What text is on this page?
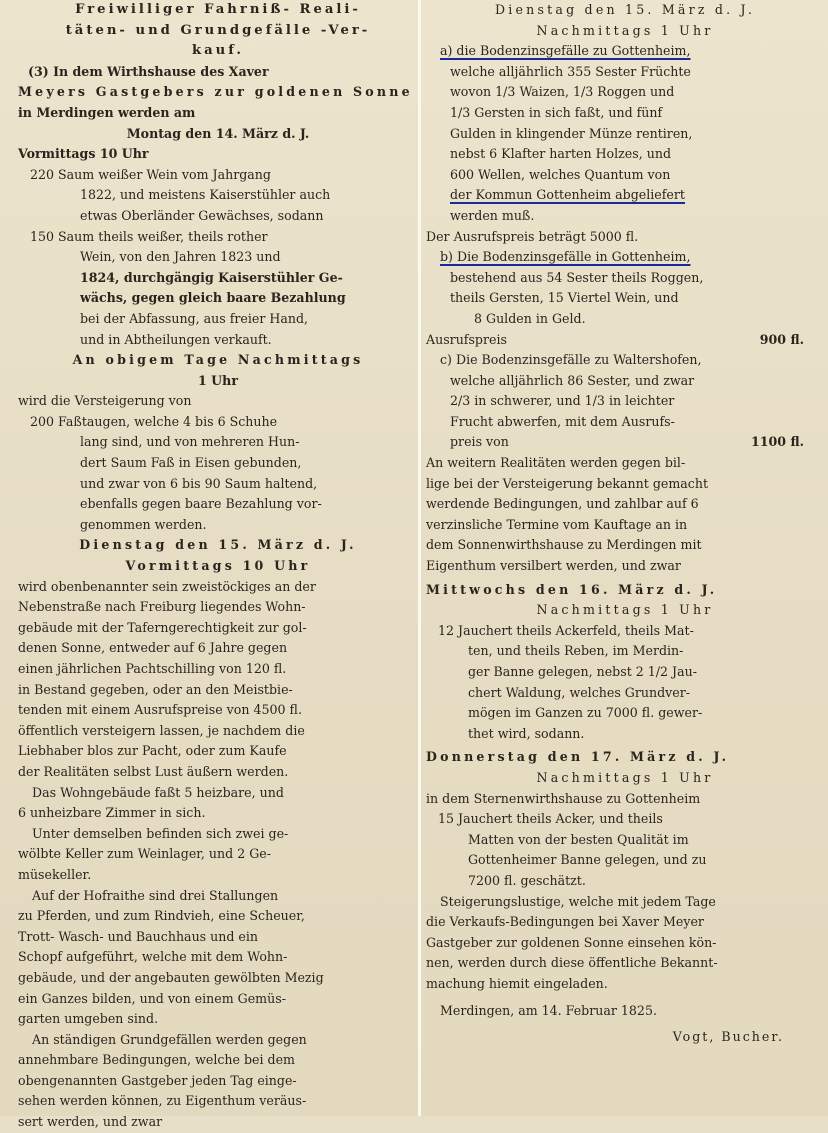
Freiwilliger Fahrniß- Reali-

täten- und Grundgefälle -Ver-

kauf.

(3) In dem Wirthshause des Xaver

Meyers Gastgebers zur goldenen Sonne

in Merdingen werden am

Montag den 14. März d. J.

Vormittags 10 Uhr

220 Saum weißer Wein vom Jahrgang

1822, und meistens Kaiserstühler auch

etwas Oberländer Gewächses, sodann

150 Saum theils weißer, theils rother

Wein, von den Jahren 1823 und

1824, durchgängig Kaiserstühler Ge-

wächs, gegen gleich baare Bezahlung

bei der Abfassung, aus freier Hand,

und in Abtheilungen verkauft.

An obigem Tage Nachmittags

1 Uhr

wird die Versteigerung von

200 Faßtaugen, welche 4 bis 6 Schuhe

lang sind, und von mehreren Hun-

dert Saum Faß in Eisen gebunden,

und zwar von 6 bis 90 Saum haltend,

ebenfalls gegen baare Bezahlung vor-

genommen werden.

Dienstag den 15. März d. J.

Vormittags 10 Uhr

wird obenbenannter sein zweistöckiges an der

Nebenstraße nach Freiburg liegendes Wohn-

gebäude mit der Taferngerechtigkeit zur gol-

denen Sonne, entweder auf 6 Jahre gegen

einen jährlichen Pachtschilling von 120 fl.

in Bestand gegeben, oder an den Meistbie-

tenden mit einem Ausrufspreise von 4500 fl.

öffentlich versteigern lassen, je nachdem die

Liebhaber blos zur Pacht, oder zum Kaufe

der Realitäten selbst Lust äußern werden.

Das Wohngebäude faßt 5 heizbare, und

6 unheizbare Zimmer in sich.

Unter demselben befinden sich zwei ge-

wölbte Keller zum Weinlager, und 2 Ge-

müsekeller.

Auf der Hofraithe sind drei Stallungen

zu Pferden, und zum Rindvieh, eine Scheuer,

Trott- Wasch- und Bauchhaus und ein

Schopf aufgeführt, welche mit dem Wohn-

gebäude, und der angebauten gewölbten Mezig

ein Ganzes bilden, und von einem Gemüs-

garten umgeben sind.

An ständigen Grundgefällen werden gegen

annehmbare Bedingungen, welche bei dem

obengenannten Gastgeber jeden Tag einge-

sehen werden können, zu Eigenthum veräus-

sert werden, und zwar

Dienstag den 15. März d. J.

Nachmittags 1 Uhr

a) die Bodenzinsgefälle zu Gottenheim,

welche alljährlich 355 Sester Früchte

wovon 1/3 Waizen, 1/3 Roggen und

1/3 Gersten in sich faßt, und fünf

Gulden in klingender Münze rentiren,

nebst 6 Klafter harten Holzes, und

600 Wellen, welches Quantum von

der Kommun Gottenheim abgeliefert

werden muß.

Der Ausrufspreis beträgt 5000 fl.

b) Die Bodenzinsgefälle in Gottenheim,

bestehend aus 54 Sester theils Roggen,

theils Gersten, 15 Viertel Wein, und

8 Gulden in Geld.

Ausrufspreis	900 fl.

c) Die Bodenzinsgefälle zu Waltershofen,

welche alljährlich 86 Sester, und zwar

2/3 in schwerer, und 1/3 in leichter

Frucht abwerfen, mit dem Ausrufs-

preis von	1100 fl.

An weitern Realitäten werden gegen bil-

lige bei der Versteigerung bekannt gemacht

werdende Bedingungen, und zahlbar auf 6

verzinsliche Termine vom Kauftage an in

dem Sonnenwirthshause zu Merdingen mit

Eigenthum versilbert werden, und zwar

Mittwochs den 16. März d. J.

Nachmittags 1 Uhr

12 Jauchert theils Ackerfeld, theils Mat-

ten, und theils Reben, im Merdin-

ger Banne gelegen, nebst 2 1/2 Jau-

chert Waldung, welches Grundver-

mögen im Ganzen zu 7000 fl. gewer-

thet wird, sodann.

Donnerstag den 17. März d. J.

Nachmittags 1 Uhr

in dem Sternenwirthshause zu Gottenheim

15 Jauchert theils Acker, und theils

Matten von der besten Qualität im

Gottenheimer Banne gelegen, und zu

7200 fl. geschätzt.

Steigerungslustige, welche mit jedem Tage

die Verkaufs-Bedingungen bei Xaver Meyer

Gastgeber zur goldenen Sonne einsehen kön-

nen, werden durch diese öffentliche Bekannt-

machung hiemit eingeladen.

Merdingen, am 14. Februar 1825.

Vogt, Bucher.
